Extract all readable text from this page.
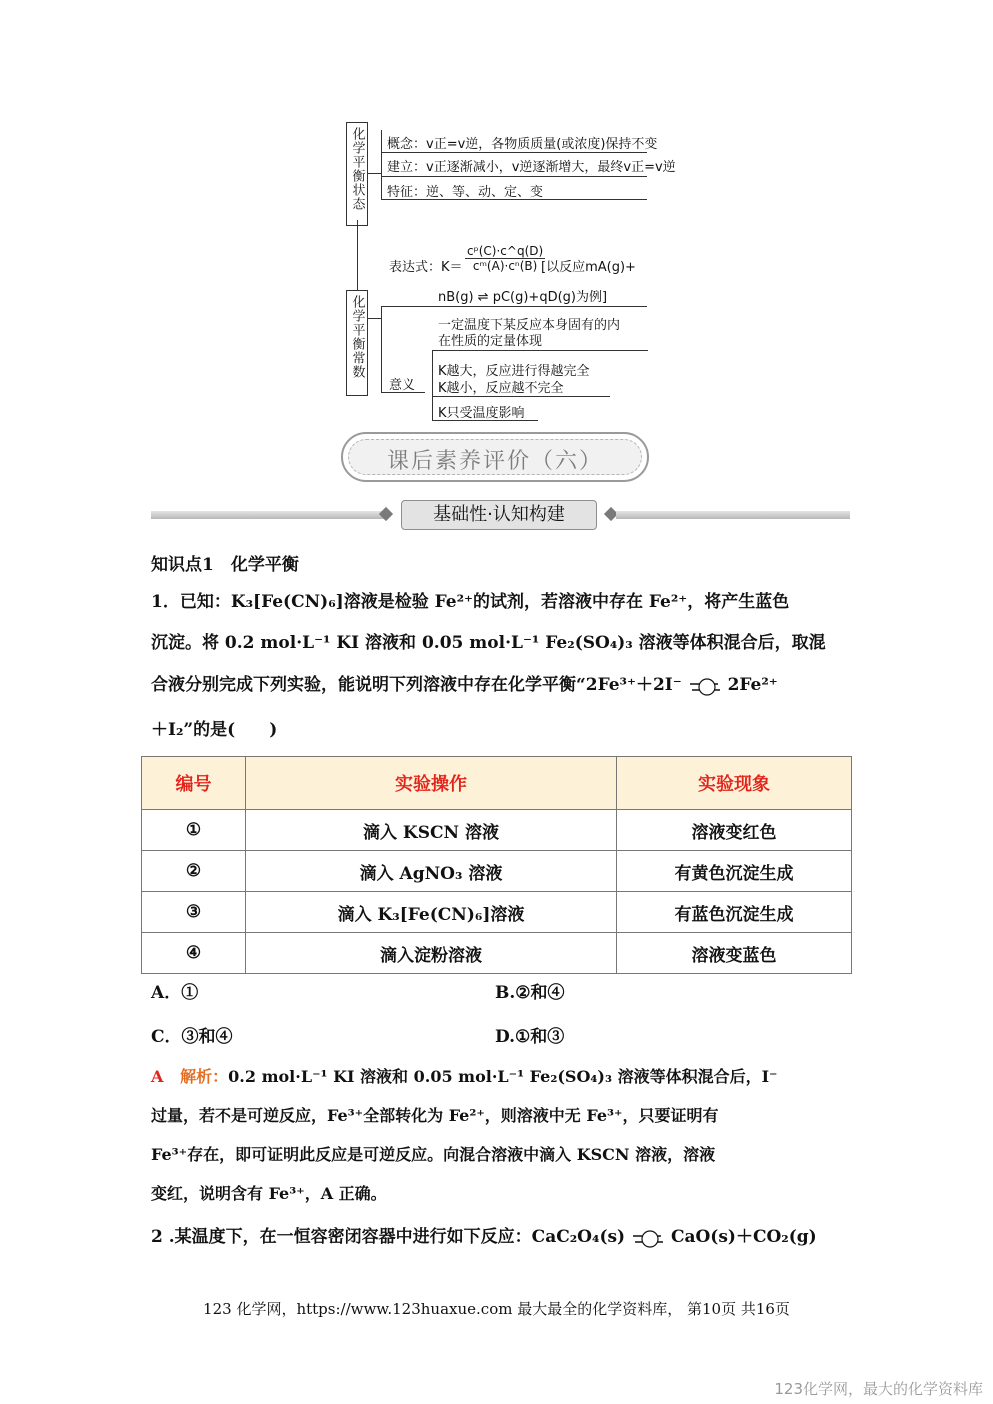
化学平衡状态 概念：v正=v逆，各物质质量(或浓度)保持不变
建立：v正逐渐减小，v逆逐渐增大，最终v正=v逆
特征：逆、等、动、定、变
化学平衡常数
表达式：K＝
cᵖ(C)·c^q(D)
cᵐ(A)·cⁿ(B) [以反应mA(g)+
nB(g) ⇌ pC(g)+qD(g)为例]
一定温度下某反应本身固有的内
在性质的定量体现
意义
K越大，反应进行得越完全
K越小，反应越不完全
K只受温度影响
课后素养评价（六）
基础性·认知构建
知识点1　化学平衡
1．已知：K₃[Fe(CN)₆]溶液是检验 Fe²⁺的试剂，若溶液中存在 Fe²⁺，将产生蓝色
沉淀。将 0.2 mol·L⁻¹ KI 溶液和 0.05 mol·L⁻¹ Fe₂(SO₄)₃ 溶液等体积混合后，取混
合液分别完成下列实验，能说明下列溶液中存在化学平衡“2Fe³⁺＋2I⁻ ⇌ 2Fe²⁺
＋I₂”的是(　　)
编号	实验操作	实验现象
①	滴入 KSCN 溶液	溶液变红色
②	滴入 AgNO₃ 溶液	有黄色沉淀生成
③	滴入 K₃[Fe(CN)₆]溶液	有蓝色沉淀生成
④	滴入淀粉溶液	溶液变蓝色
A．①	B.②和④
C．③和④	D.①和③
A 解析：0.2 mol·L⁻¹ KI 溶液和 0.05 mol·L⁻¹ Fe₂(SO₄)₃ 溶液等体积混合后，I⁻
过量，若不是可逆反应，Fe³⁺全部转化为 Fe²⁺，则溶液中无 Fe³⁺，只要证明有
Fe³⁺存在，即可证明此反应是可逆反应。向混合溶液中滴入 KSCN 溶液，溶液
变红，说明含有 Fe³⁺，A 正确。
2 .某温度下，在一恒容密闭容器中进行如下反应：CaC₂O₄(s) ⇌ CaO(s)＋CO₂(g)
123 化学网，https://www.123huaxue.com 最大最全的化学资料库， 第10页 共16页
123化学网，最大的化学资料库
